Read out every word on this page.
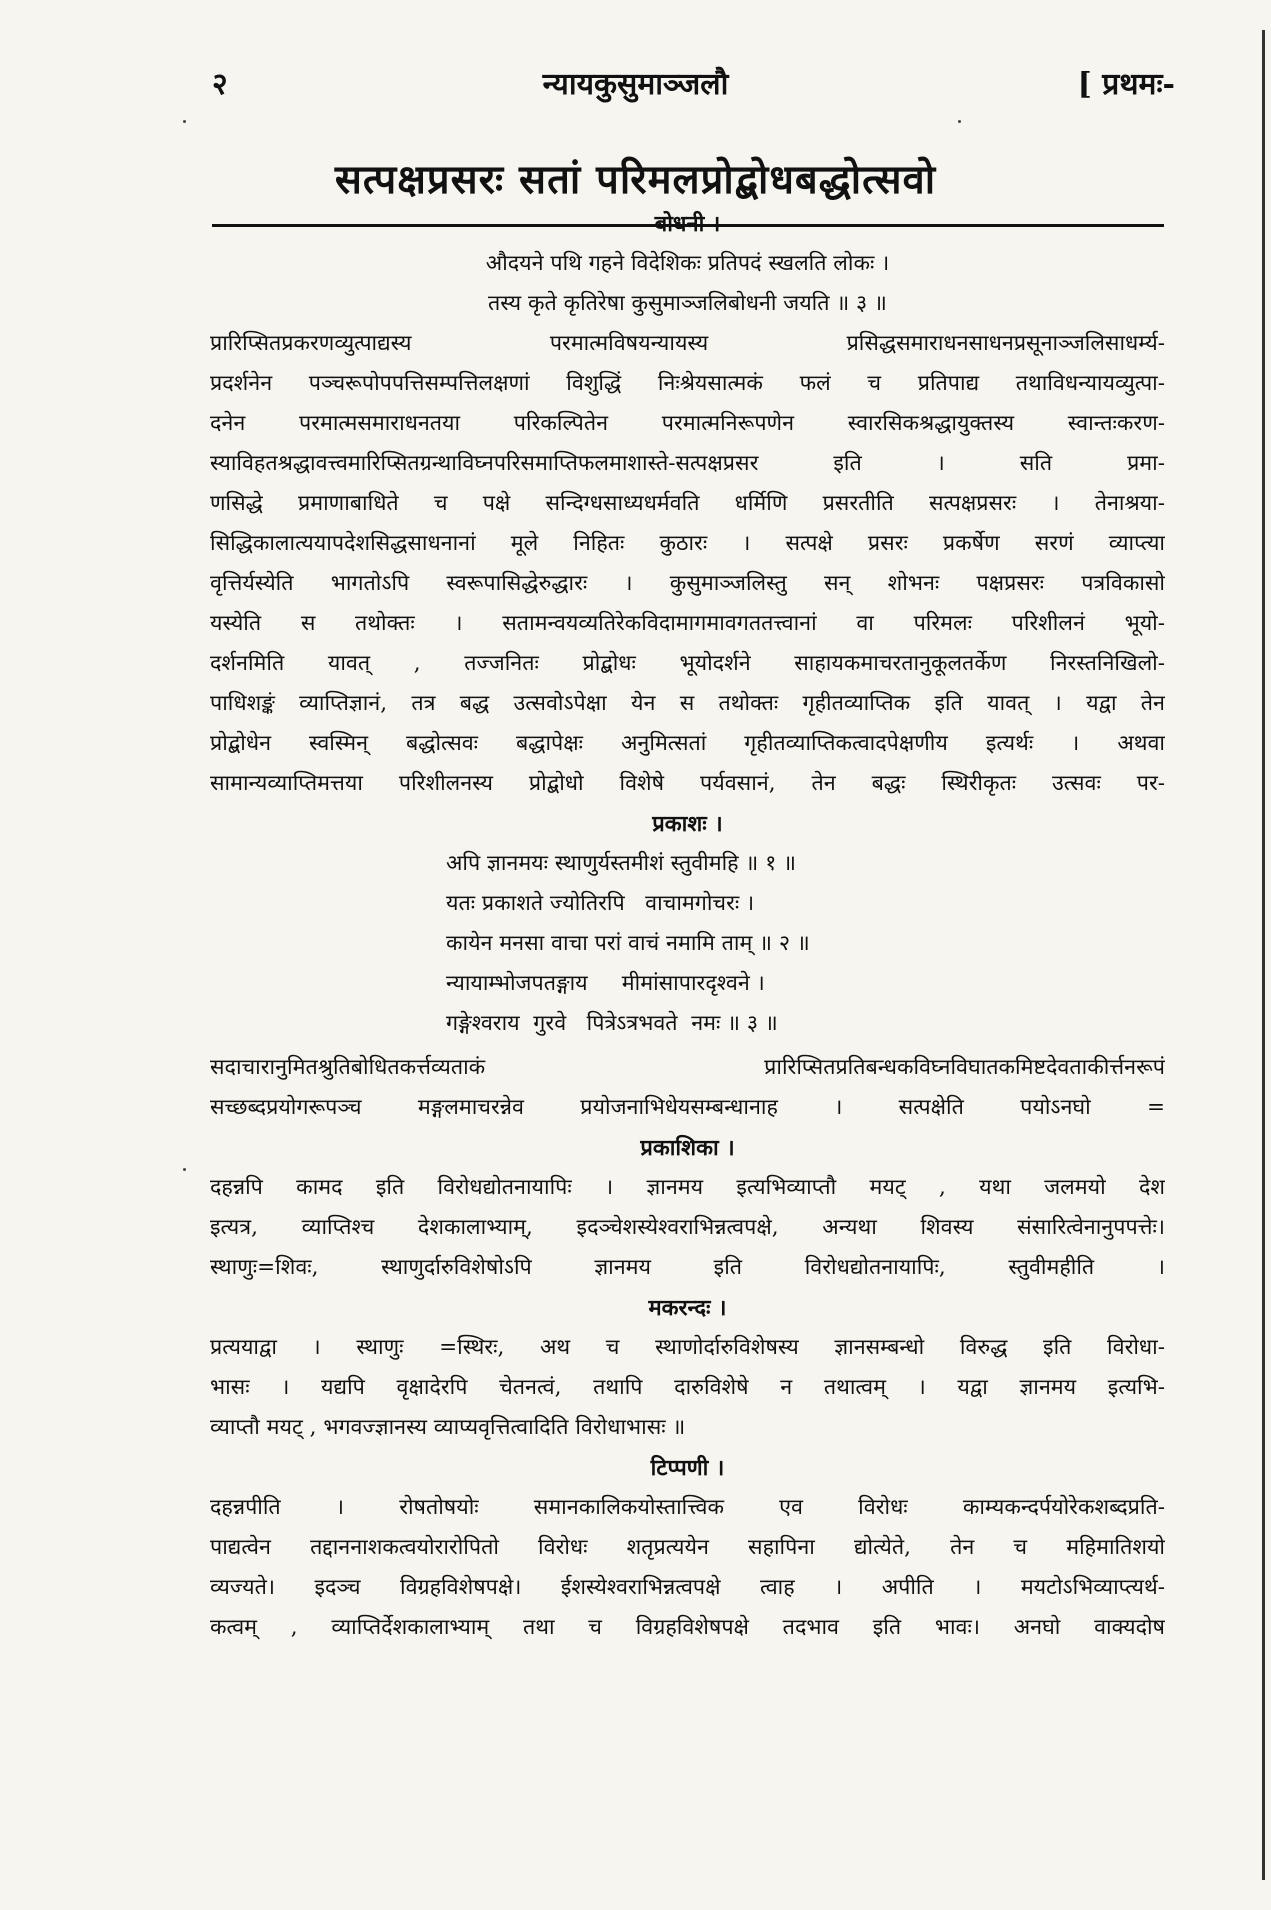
२	न्यायकुसुमाञ्जलौ	[ प्रथमः-
सत्पक्षप्रसरः सतां परिमलप्रोद्बोधबद्धोत्सवो
बोधनी ।
औदयने पथि गहने विदेशिकः प्रतिपदं स्खलति लोकः ।
तस्य कृते कृतिरेषा कुसुमाञ्जलिबोधनी जयति ॥ ३ ॥
प्रारिप्सितप्रकरणव्युत्पाद्यस्य परमात्मविषयन्यायस्य प्रसिद्धसमाराधनसाधनप्रसूनाञ्जलिसाधर्म्य-
प्रदर्शनेन पञ्चरूपोपपत्तिसम्पत्तिलक्षणां विशुद्धिं निःश्रेयसात्मकं फलं च प्रतिपाद्य तथाविधन्यायव्युत्पा-
दनेन परमात्मसमाराधनतया परिकल्पितेन परमात्मनिरूपणेन स्वारसिकश्रद्धायुक्तस्य स्वान्तःकरण-
स्याविहतश्रद्धावत्त्वमारिप्सितग्रन्थाविघ्नपरिसमाप्तिफलमाशास्ते-सत्पक्षप्रसर इति । सति प्रमा-
णसिद्धे प्रमाणाबाधिते च पक्षे सन्दिग्धसाध्यधर्मवति धर्मिणि प्रसरतीति सत्पक्षप्रसरः । तेनाश्रया-
सिद्धिकालात्ययापदेशसिद्धसाधनानां मूले निहितः कुठारः । सत्पक्षे प्रसरः प्रकर्षेण सरणं व्याप्त्या
वृत्तिर्यस्येति भागतोऽपि स्वरूपासिद्धेरुद्धारः । कुसुमाञ्जलिस्तु सन् शोभनः पक्षप्रसरः पत्रविकासो
यस्येति स तथोक्तः । सतामन्वयव्यतिरेकविदामागमावगततत्त्वानां वा परिमलः परिशीलनं भूयो-
दर्शनमिति यावत् , तज्जनितः प्रोद्बोधः भूयोदर्शने साहायकमाचरतानुकूलतर्केण निरस्तनिखिलो-
पाधिशङ्कं व्याप्तिज्ञानं, तत्र बद्ध उत्सवोऽपेक्षा येन स तथोक्तः गृहीतव्याप्तिक इति यावत् । यद्वा तेन
प्रोद्बोधेन स्वस्मिन् बद्धोत्सवः बद्धापेक्षः अनुमित्सतां गृहीतव्याप्तिकत्वादपेक्षणीय इत्यर्थः । अथवा
सामान्यव्याप्तिमत्तया परिशीलनस्य प्रोद्बोधो विशेषे पर्यवसानं, तेन बद्धः स्थिरीकृतः उत्सवः पर-
प्रकाशः ।
अपि ज्ञानमयः स्थाणुर्यस्तमीशं स्तुवीमहि ॥ १ ॥
यतः प्रकाशते ज्योतिरपि   वाचामगोचरः ।
कायेन मनसा वाचा परां वाचं नमामि ताम् ॥ २ ॥
न्यायाम्भोजपतङ्गाय     मीमांसापारदृश्वने ।
गङ्गेश्वराय  गुरवे   पित्रेऽत्रभवते  नमः ॥ ३ ॥
सदाचारानुमितश्रुतिबोधितकर्त्तव्यताकं प्रारिप्सितप्रतिबन्धकविघ्नविघातकमिष्टदेवताकीर्त्तनरूपं
सच्छब्दप्रयोगरूपञ्च मङ्गलमाचरन्नेव प्रयोजनाभिधेयसम्बन्धानाह । सत्पक्षेति पयोऽनघो =
प्रकाशिका ।
दहन्नपि कामद इति विरोधद्योतनायापिः । ज्ञानमय इत्यभिव्याप्तौ मयट् , यथा जलमयो देश
इत्यत्र, व्याप्तिश्च देशकालाभ्याम्, इदञ्चेशस्येश्वराभिन्नत्वपक्षे, अन्यथा शिवस्य संसारित्वेनानुपपत्तेः।
स्थाणुः=शिवः, स्थाणुर्दारुविशेषोऽपि ज्ञानमय इति विरोधद्योतनायापिः, स्तुवीमहीति ।
मकरन्दः ।
प्रत्ययाद्वा । स्थाणुः =स्थिरः, अथ च स्थाणोर्दारुविशेषस्य ज्ञानसम्बन्धो विरुद्ध इति विरोधा-
भासः । यद्यपि वृक्षादेरपि चेतनत्वं, तथापि दारुविशेषे न तथात्वम् । यद्वा ज्ञानमय इत्यभि-
व्याप्तौ मयट् , भगवज्ज्ञानस्य व्याप्यवृत्तित्वादिति विरोधाभासः ॥
टिप्पणी ।
दहन्नपीति । रोषतोषयोः समानकालिकयोस्तात्त्विक एव विरोधः काम्यकन्दर्पयोरेकशब्दप्रति-
पाद्यत्वेन तद्दाननाशकत्वयोरारोपितो विरोधः शतृप्रत्ययेन सहापिना द्योत्येते, तेन च महिमातिशयो
व्यज्यते। इदञ्च विग्रहविशेषपक्षे। ईशस्येश्वराभिन्नत्वपक्षे त्वाह । अपीति । मयटोऽभिव्याप्त्यर्थ-
कत्वम् , व्याप्तिर्देशकालाभ्याम् तथा च विग्रहविशेषपक्षे तदभाव इति भावः। अनघो वाक्यदोष
